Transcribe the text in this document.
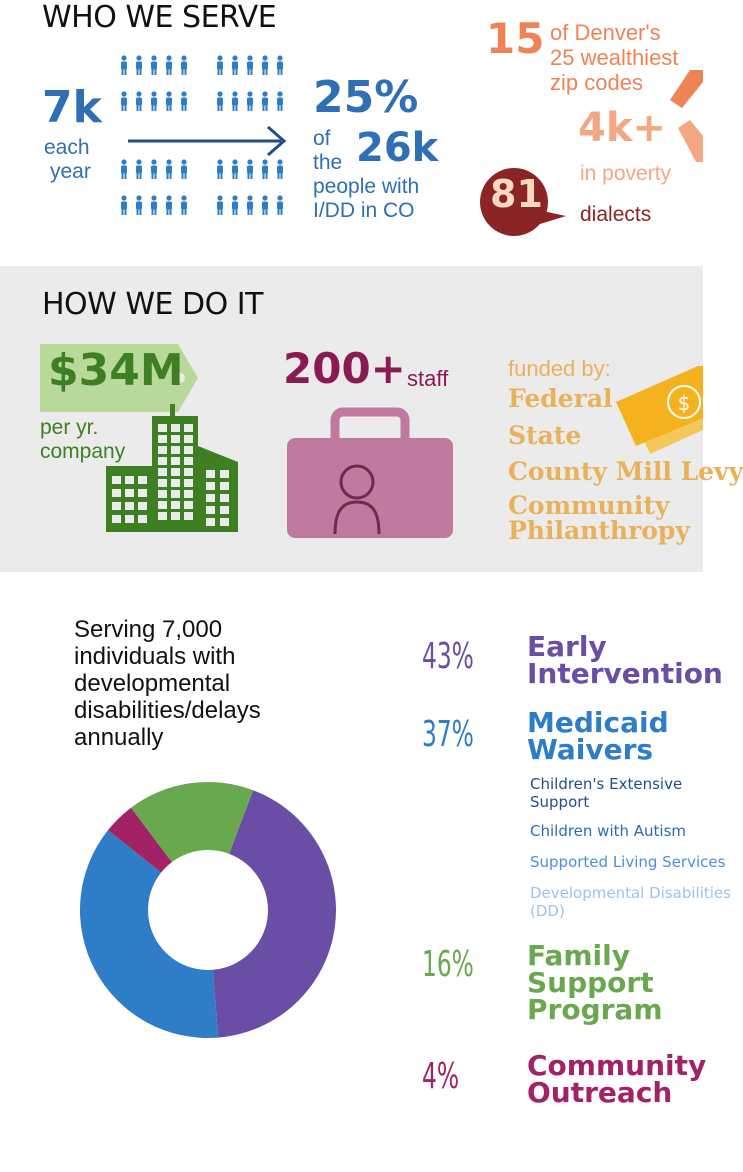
WHO WE SERVE
7k
each
year
25%
of
the 26k
people with
I/DD in CO
15 of Denver's
25 wealthiest
zip codes
4k+
in poverty
81 dialects
HOW WE DO IT
$34M
per yr.
company
200+ staff	funded by:
Federal
State
County Mill Levy
Community
Philanthropy
$
Serving 7,000
individuals with
developmental
disabilities/delays
annually
43%
37%
16%
4%
Early
Intervention
Medicaid
Waivers
Family
Support
Program
Community
Outreach
Children's Extensive
Support
Children with Autism
Supported Living Services
Developmental Disabilities
(DD)
